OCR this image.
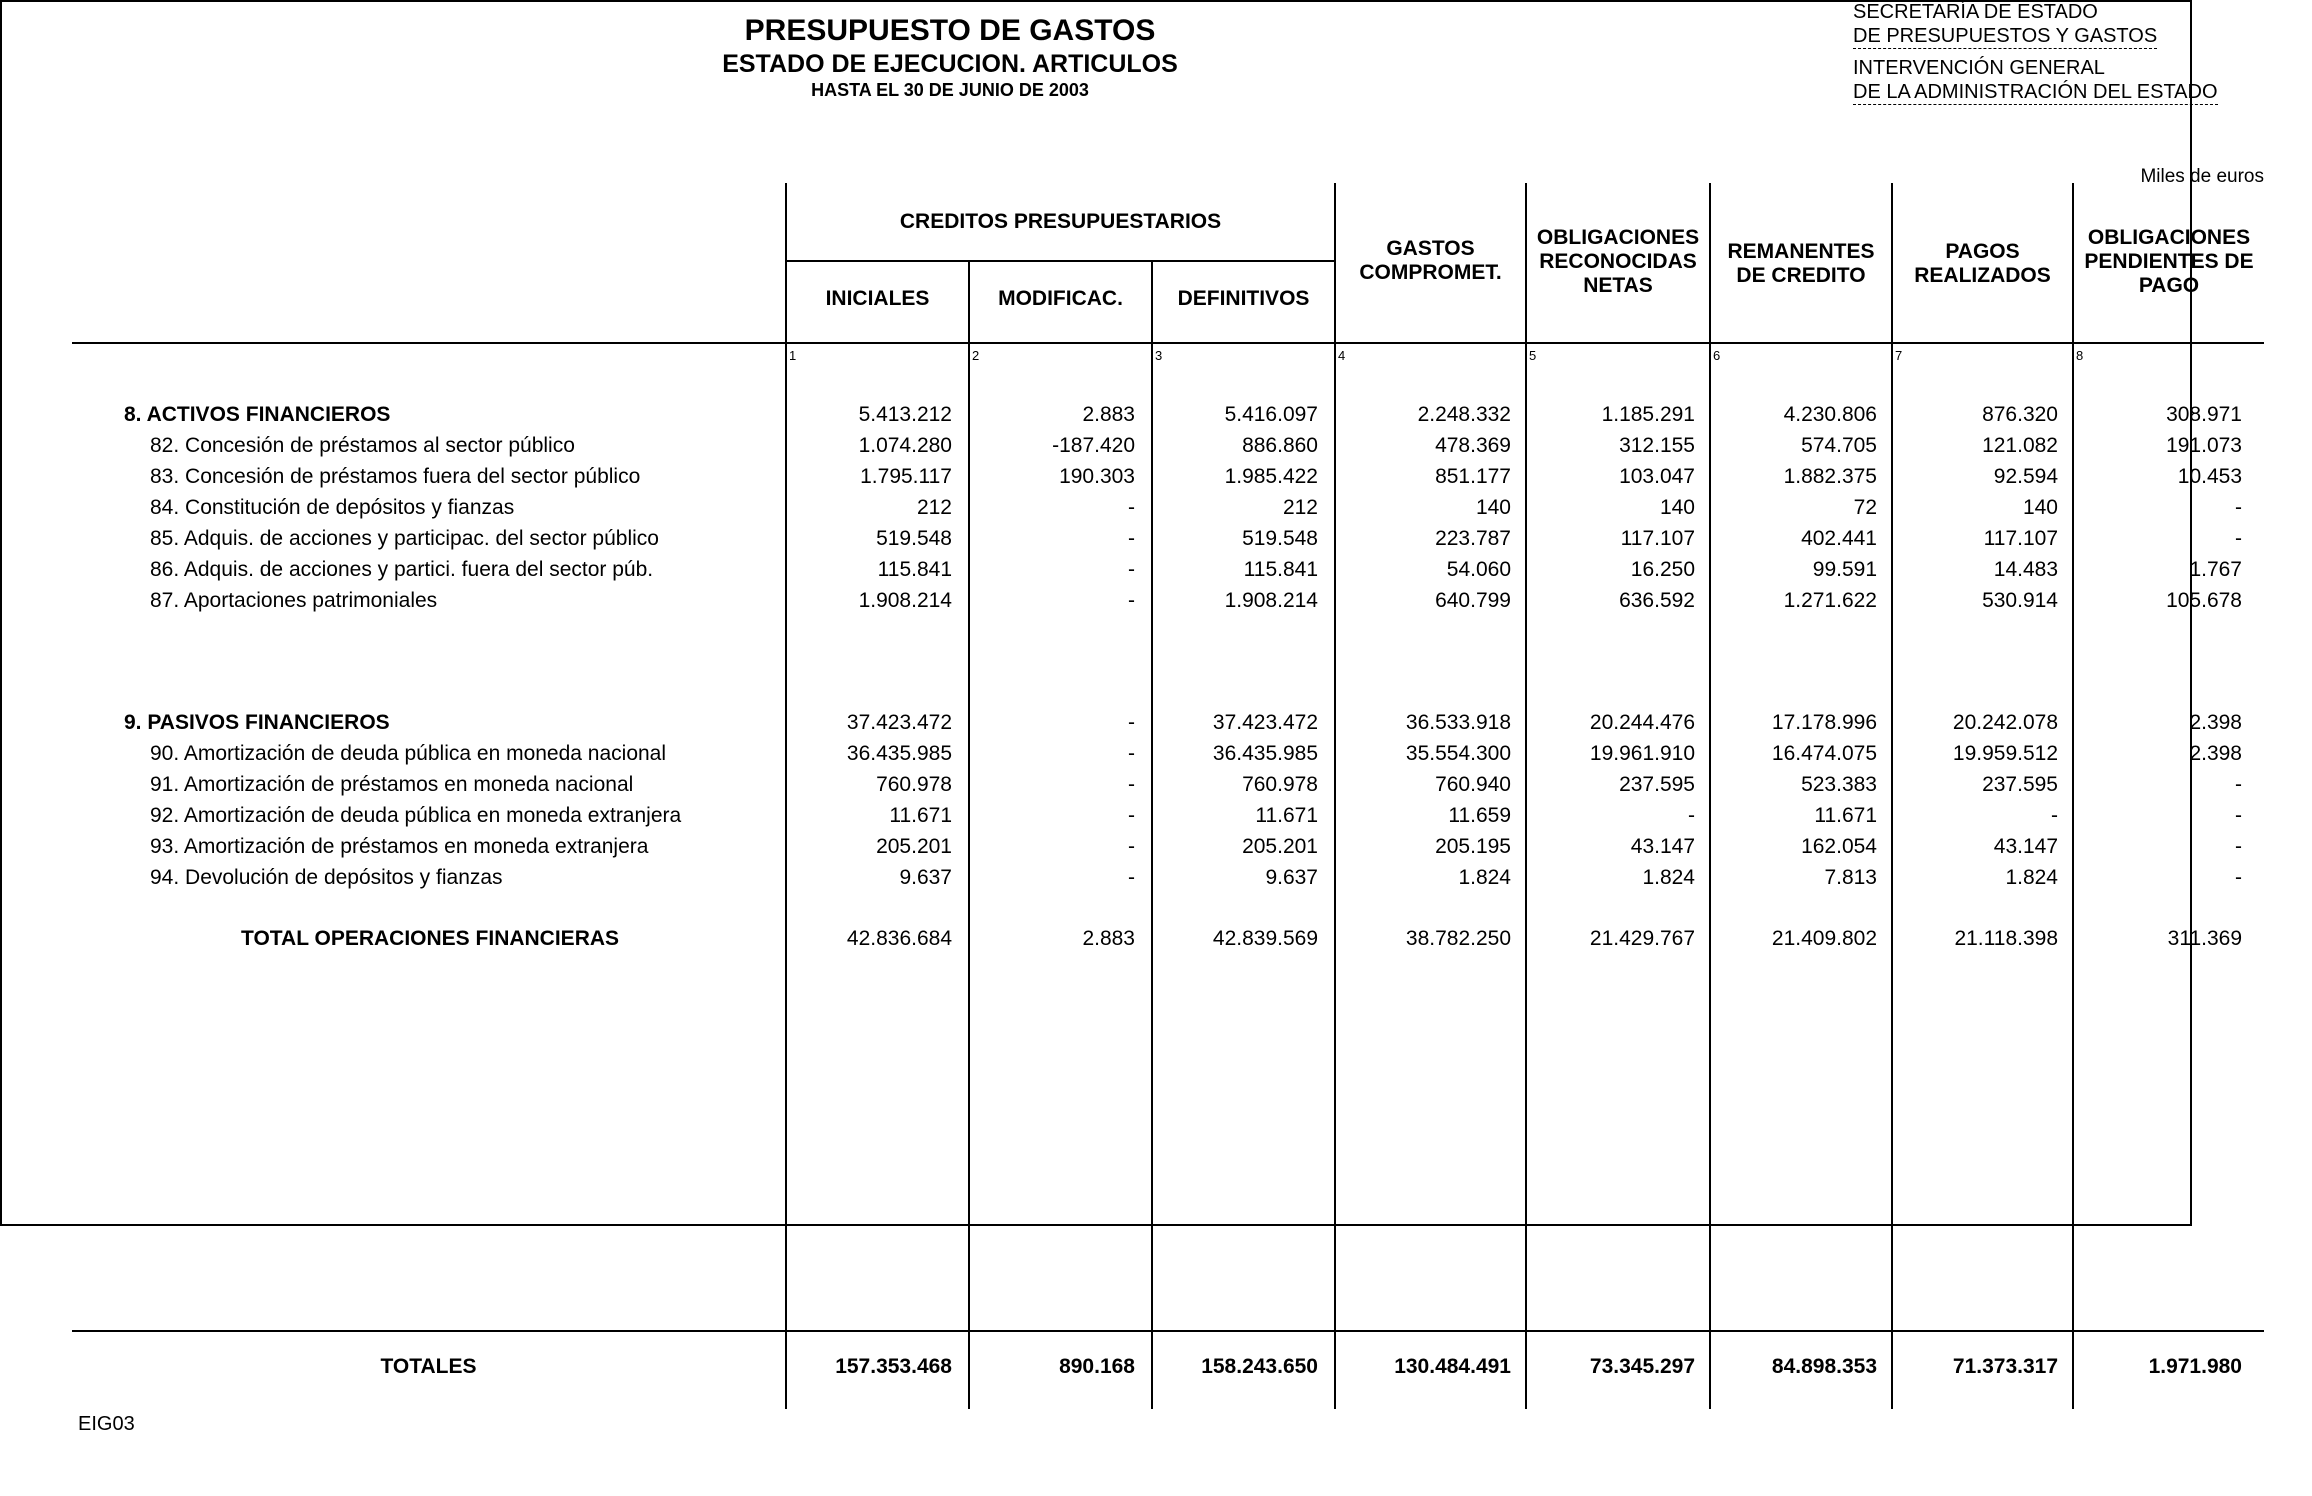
PRESUPUESTO DE GASTOS
ESTADO DE EJECUCION. ARTICULOS
HASTA EL 30 DE JUNIO DE 2003
SECRETARÍA DE ESTADO
DE PRESUPUESTOS Y GASTOS
INTERVENCIÓN GENERAL
DE LA ADMINISTRACIÓN DEL ESTADO
Miles de euros
CREDITOS PRESUPUESTARIOS
INICIALES	MODIFICAC.	DEFINITIVOS
GASTOS
COMPROMET.
OBLIGACIONES
RECONOCIDAS
NETAS
REMANENTES
DE CREDITO
PAGOS
REALIZADOS
OBLIGACIONES
PENDIENTES DE
PAGO
1	2	3	4	5	6	7	8
8. ACTIVOS FINANCIEROS	5.413.212	2.883	5.416.097	2.248.332	1.185.291	4.230.806	876.320	308.971
82. Concesión de préstamos al sector público	1.074.280	-187.420	886.860	478.369	312.155	574.705	121.082	191.073
83. Concesión de préstamos fuera del sector público	1.795.117	190.303	1.985.422	851.177	103.047	1.882.375	92.594	10.453
84. Constitución de depósitos y fianzas	212	-	212	140	140	72	140	-
85. Adquis. de acciones y participac. del sector público	519.548	-	519.548	223.787	117.107	402.441	117.107	-
86. Adquis. de acciones y partici. fuera del sector púb.	115.841	-	115.841	54.060	16.250	99.591	14.483	1.767
87. Aportaciones patrimoniales	1.908.214	-	1.908.214	640.799	636.592	1.271.622	530.914	105.678
9. PASIVOS FINANCIEROS	37.423.472	-	37.423.472	36.533.918	20.244.476	17.178.996	20.242.078	2.398
90. Amortización de deuda pública en moneda nacional	36.435.985	-	36.435.985	35.554.300	19.961.910	16.474.075	19.959.512	2.398
91. Amortización de préstamos en moneda nacional	760.978	-	760.978	760.940	237.595	523.383	237.595	-
92. Amortización de deuda pública en moneda extranjera	11.671	-	11.671	11.659	-	11.671	-	-
93. Amortización de préstamos en moneda extranjera	205.201	-	205.201	205.195	43.147	162.054	43.147	-
94. Devolución de depósitos y fianzas	9.637	-	9.637	1.824	1.824	7.813	1.824	-
TOTAL OPERACIONES FINANCIERAS	42.836.684	2.883	42.839.569	38.782.250	21.429.767	21.409.802	21.118.398	311.369
TOTALES	157.353.468	890.168	158.243.650	130.484.491	73.345.297	84.898.353	71.373.317	1.971.980
EIG03
